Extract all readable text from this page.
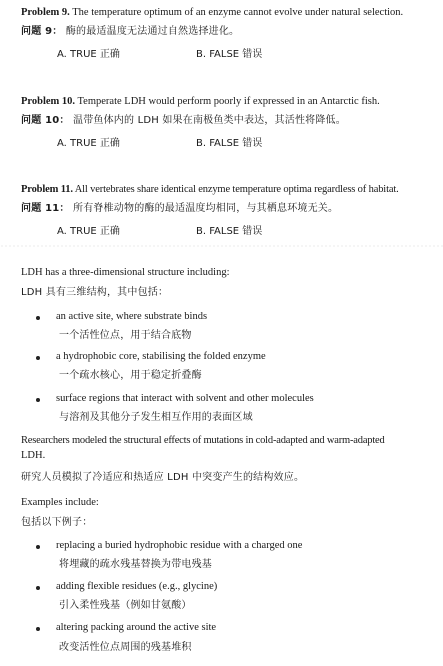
Problem 9. The temperature optimum of an enzyme cannot evolve under natural selection.
问题 9： 酶的最适温度无法通过自然选择进化。
A. TRUE 正确	B. FALSE 错误
Problem 10. Temperate LDH would perform poorly if expressed in an Antarctic fish.
问题 10： 温带鱼体内的 LDH 如果在南极鱼类中表达，其活性将降低。
A. TRUE 正确	B. FALSE 错误
Problem 11. All vertebrates share identical enzyme temperature optima regardless of habitat.
问题 11： 所有脊椎动物的酶的最适温度均相同，与其栖息环境无关。
A. TRUE 正确	B. FALSE 错误
LDH has a three-dimensional structure including:
LDH 具有三维结构，其中包括：
an active site, where substrate binds
一个活性位点，用于结合底物
a hydrophobic core, stabilising the folded enzyme
一个疏水核心，用于稳定折叠酶
surface regions that interact with solvent and other molecules
与溶剂及其他分子发生相互作用的表面区域
Researchers modeled the structural effects of mutations in cold-adapted and warm-adapted
LDH.
研究人员模拟了冷适应和热适应 LDH 中突变产生的结构效应。
Examples include:
包括以下例子：
replacing a buried hydrophobic residue with a charged one
将埋藏的疏水残基替换为带电残基
adding flexible residues (e.g., glycine)
引入柔性残基（例如甘氨酸）
altering packing around the active site
改变活性位点周围的残基堆积
